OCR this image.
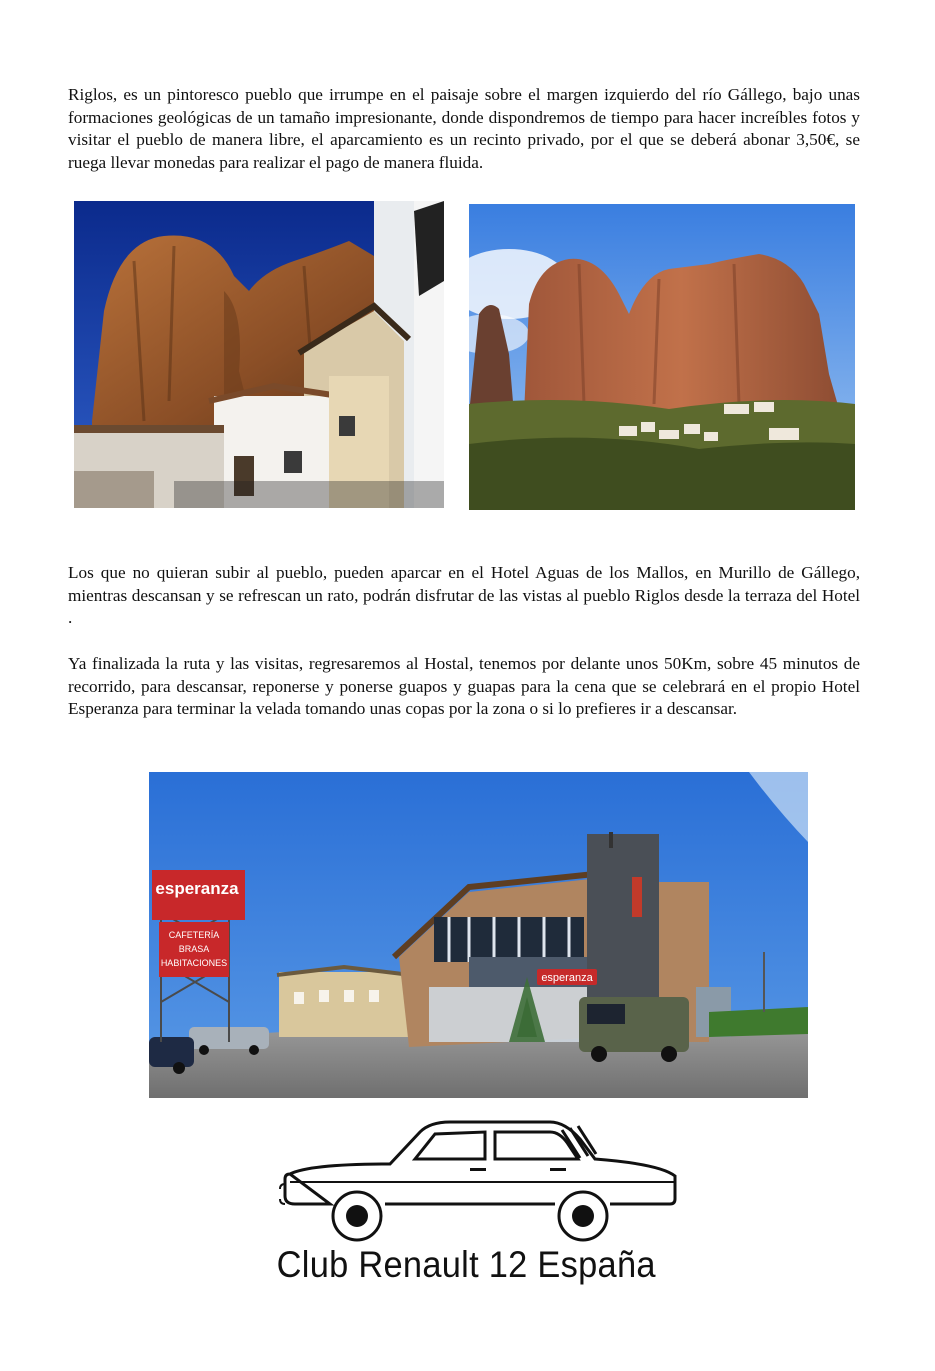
Riglos, es un pintoresco pueblo que irrumpe en el paisaje sobre el margen izquierdo del río Gállego, bajo unas formaciones geológicas de un tamaño impresionante, donde dispondremos de tiempo para hacer increíbles fotos y visitar el pueblo de manera libre, el aparcamiento es un recinto privado, por el que se deberá abonar 3,50€, se ruega llevar monedas para realizar el pago de manera fluida.

Los que no quieran subir al pueblo, pueden aparcar en el Hotel Aguas de los Mallos, en Murillo de Gállego, mientras descansan y se refrescan un rato, podrán disfrutar de las vistas al pueblo Riglos desde la terraza del Hotel .

Ya finalizada la ruta y las visitas, regresaremos al Hostal, tenemos por delante unos 50Km, sobre 45 minutos de recorrido, para descansar, reponerse y ponerse guapos y guapas para la cena que se celebrará en el propio Hotel Esperanza para terminar la velada tomando unas copas por la zona o si lo prefieres ir a descansar.

esperanza
esperanza
CAFETERÍA
BRASA
HABITACIONES
Club Renault 12 España
